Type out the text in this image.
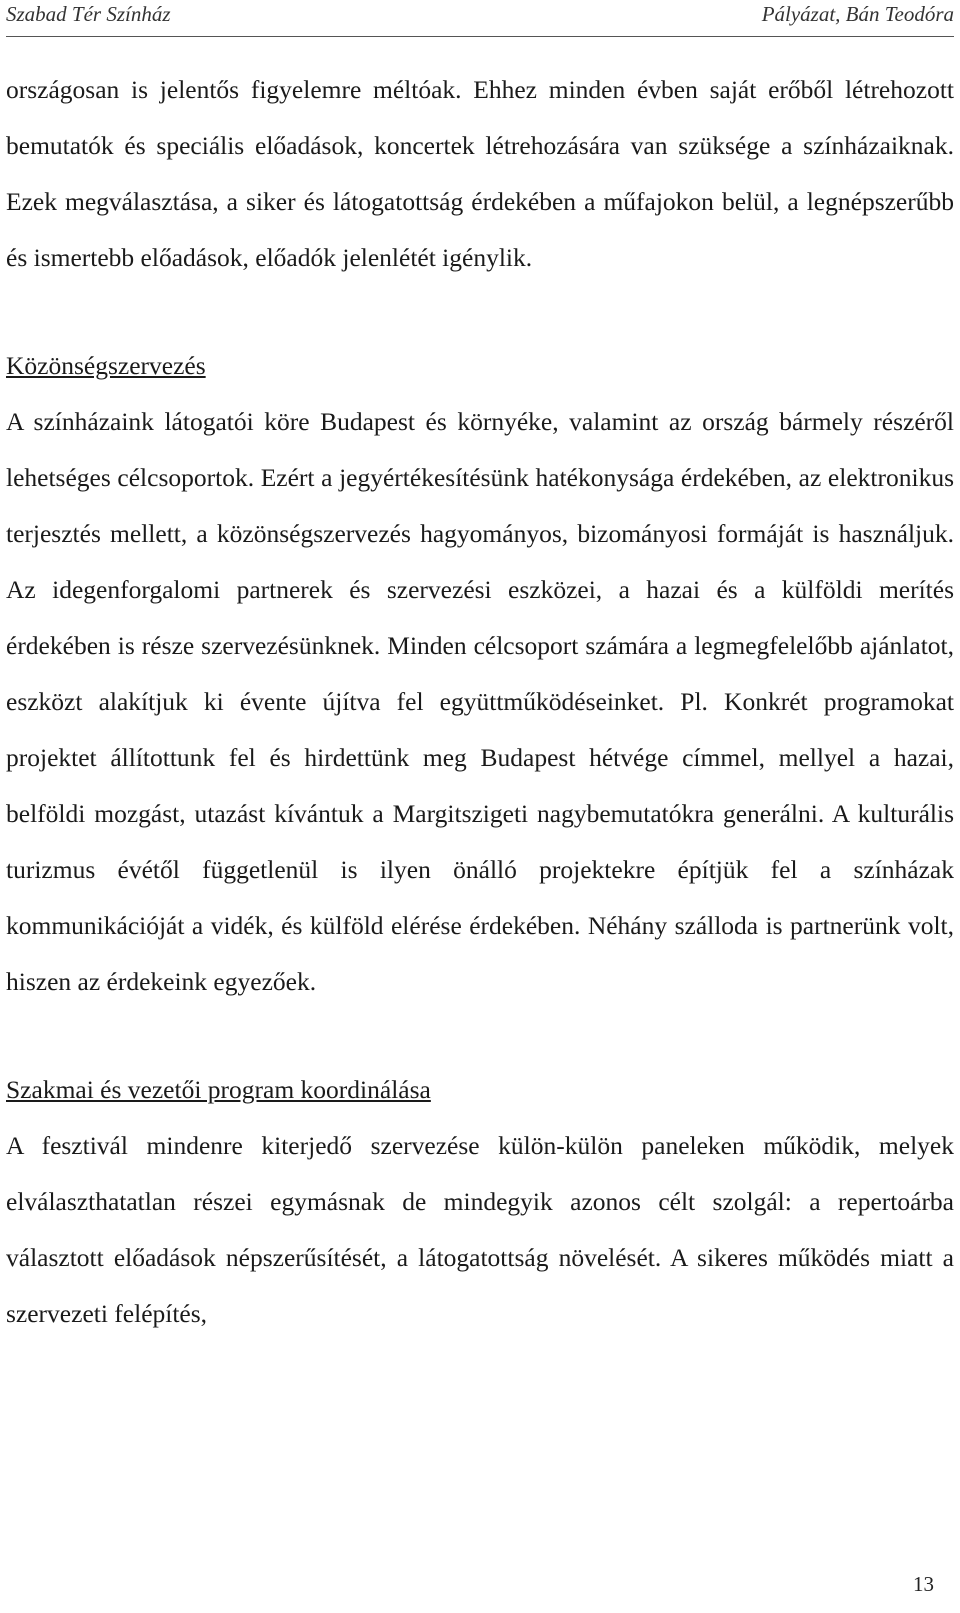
Szabad Tér Színház	Pályázat, Bán Teodóra

országosan is jelentős figyelemre méltóak. Ehhez minden évben saját erőből létrehozott bemutatók és speciális előadások, koncertek létrehozására van szüksége a színházaiknak. Ezek megválasztása, a siker és látogatottság érdekében a műfajokon belül, a legnépszerűbb és ismertebb előadások, előadók jelenlétét igénylik.

Közönségszervezés

A színházaink látogatói köre Budapest és környéke, valamint az ország bármely részéről lehetséges célcsoportok. Ezért a jegyértékesítésünk hatékonysága érdekében, az elektronikus terjesztés mellett, a közönségszervezés hagyományos, bizományosi formáját is használjuk. Az idegenforgalomi partnerek és szervezési eszközei, a hazai és a külföldi merítés érdekében is része szervezésünknek. Minden célcsoport számára a legmegfelelőbb ajánlatot, eszközt alakítjuk ki évente újítva fel együttműködéseinket. Pl. Konkrét programokat projektet állítottunk fel és hirdettünk meg Budapest hétvége címmel, mellyel a hazai, belföldi mozgást, utazást kívántuk a Margitszigeti nagybemutatókra generálni. A kulturális turizmus évétől függetlenül is ilyen önálló projektekre építjük fel a színházak kommunikációját a vidék, és külföld elérése érdekében. Néhány szálloda is partnerünk volt, hiszen az érdekeink egyezőek.

Szakmai és vezetői program koordinálása

A fesztivál mindenre kiterjedő szervezése külön-külön paneleken működik, melyek elválaszthatatlan részei egymásnak de mindegyik azonos célt szolgál: a repertoárba választott előadások népszerűsítését, a látogatottság növelését. A sikeres működés miatt a szervezeti felépítés,

13
